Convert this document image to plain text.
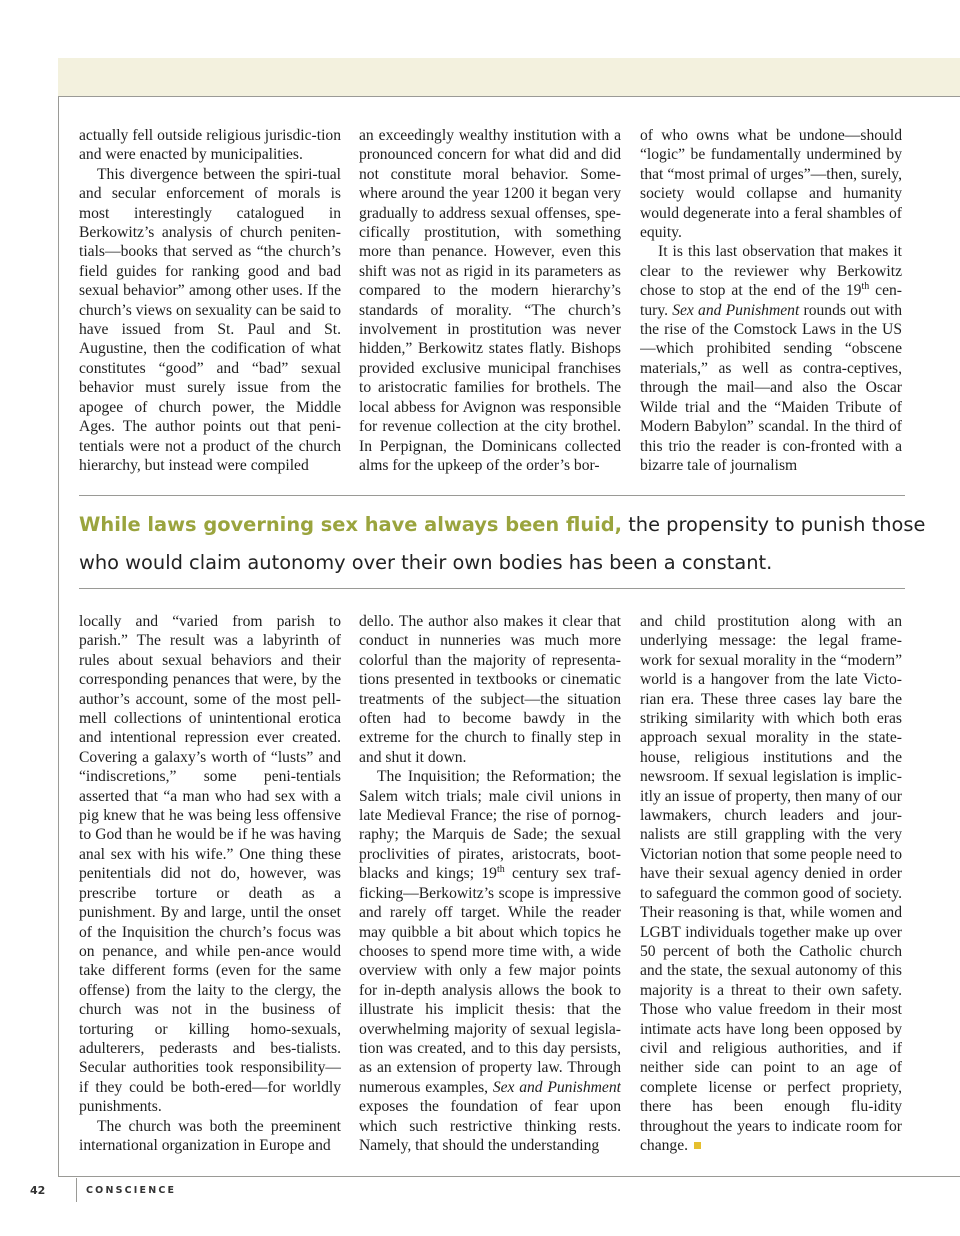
actually fell outside religious jurisdic-tion and were enacted by municipalities.

This divergence between the spiri-tual and secular enforcement of morals is most interestingly catalogued in Berkowitz’s analysis of church peniten-tials—books that served as “the church’s field guides for ranking good and bad sexual behavior” among other uses. If the church’s views on sexuality can be said to have issued from St. Paul and St. Augustine, then the codification of what constitutes “good” and “bad” sexual behavior must surely issue from the apogee of church power, the Middle Ages. The author points out that peni-tentials were not a product of the church hierarchy, but instead were compiled

an exceedingly wealthy institution with a pronounced concern for what did and did not constitute moral behavior. Some-where around the year 1200 it began very gradually to address sexual offenses, spe-cifically prostitution, with something more than penance. However, even this shift was not as rigid in its parameters as compared to the modern hierarchy’s standards of morality. “The church’s involvement in prostitution was never hidden,” Berkowitz states flatly. Bishops provided exclusive municipal franchises to aristocratic families for brothels. The local abbess for Avignon was responsible for revenue collection at the city brothel. In Perpignan, the Dominicans collected alms for the upkeep of the order’s bor-

of who owns what be undone—should “logic” be fundamentally undermined by that “most primal of urges”—then, surely, society would collapse and humanity would degenerate into a feral shambles of equity.

It is this last observation that makes it clear to the reviewer why Berkowitz chose to stop at the end of the 19th cen-tury. Sex and Punishment rounds out with the rise of the Comstock Laws in the US—which prohibited sending “obscene materials,” as well as contra-ceptives, through the mail—and also the Oscar Wilde trial and the “Maiden Tribute of Modern Babylon” scandal. In the third of this trio the reader is con-fronted with a bizarre tale of journalism

While laws governing sex have always been fluid, the propensity to punish those who would claim autonomy over their own bodies has been a constant.

locally and “varied from parish to parish.” The result was a labyrinth of rules about sexual behaviors and their corresponding penances that were, by the author’s account, some of the most pell-mell collections of unintentional erotica and intentional repression ever created. Covering a galaxy’s worth of “lusts” and “indiscretions,” some peni-tentials asserted that “a man who had sex with a pig knew that he was being less offensive to God than he would be if he was having anal sex with his wife.” One thing these penitentials did not do, however, was prescribe torture or death as a punishment. By and large, until the onset of the Inquisition the church’s focus was on penance, and while pen-ance would take different forms (even for the same offense) from the laity to the clergy, the church was not in the business of torturing or killing homo-sexuals, adulterers, pederasts and bes-tialists. Secular authorities took responsibility—if they could be both-ered—for worldly punishments.

The church was both the preeminent international organization in Europe and

dello. The author also makes it clear that conduct in nunneries was much more colorful than the majority of representa-tions presented in textbooks or cinematic treatments of the subject—the situation often had to become bawdy in the extreme for the church to finally step in and shut it down.

The Inquisition; the Reformation; the Salem witch trials; male civil unions in late Medieval France; the rise of pornog-raphy; the Marquis de Sade; the sexual proclivities of pirates, aristocrats, boot-blacks and kings; 19th century sex traf-ficking—Berkowitz’s scope is impressive and rarely off target. While the reader may quibble a bit about which topics he chooses to spend more time with, a wide overview with only a few major points for in-depth analysis allows the book to illustrate his implicit thesis: that the overwhelming majority of sexual legisla-tion was created, and to this day persists, as an extension of property law. Through numerous examples, Sex and Punishment exposes the foundation of fear upon which such restrictive thinking rests. Namely, that should the understanding

and child prostitution along with an underlying message: the legal frame-work for sexual morality in the “modern” world is a hangover from the late Victo-rian era. These three cases lay bare the striking similarity with which both eras approach sexual morality in the state-house, religious institutions and the newsroom. If sexual legislation is implic-itly an issue of property, then many of our lawmakers, church leaders and jour-nalists are still grappling with the very Victorian notion that some people need to have their sexual agency denied in order to safeguard the common good of society. Their reasoning is that, while women and LGBT individuals together make up over 50 percent of both the Catholic church and the state, the sexual autonomy of this majority is a threat to their own safety. Those who value freedom in their most intimate acts have long been opposed by civil and religious authorities, and if neither side can point to an age of complete license or perfect propriety, there has been enough flu-idity throughout the years to indicate room for change.

42	CONSCIENCE
